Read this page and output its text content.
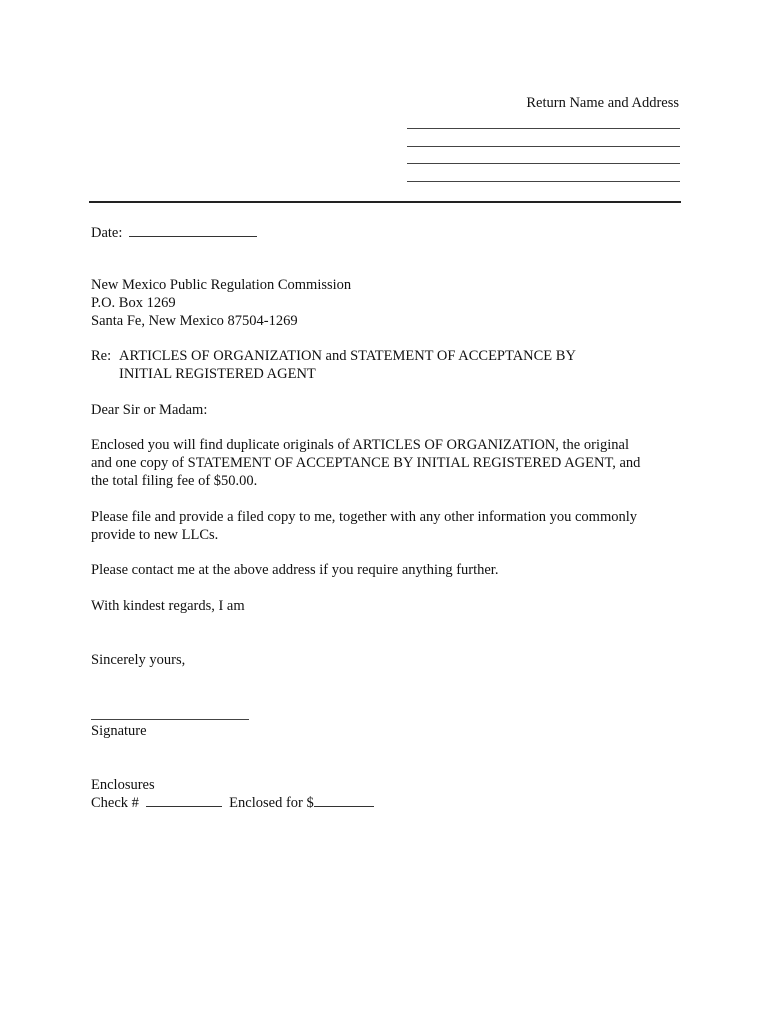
Return Name and Address

Date:

New Mexico Public Regulation Commission

P.O. Box 1269

Santa Fe, New Mexico 87504-1269

Re: ARTICLES OF ORGANIZATION and STATEMENT OF ACCEPTANCE BY

INITIAL REGISTERED AGENT

Dear Sir or Madam:

Enclosed you will find duplicate originals of ARTICLES OF ORGANIZATION, the original

and one copy of STATEMENT OF ACCEPTANCE BY INITIAL REGISTERED AGENT, and

the total filing fee of $50.00.

Please file and provide a filed copy to me, together with any other information you commonly

provide to new LLCs.

Please contact me at the above address if you require anything further.

With kindest regards, I am

Sincerely yours,

Signature

Enclosures

Check #	Enclosed for $
